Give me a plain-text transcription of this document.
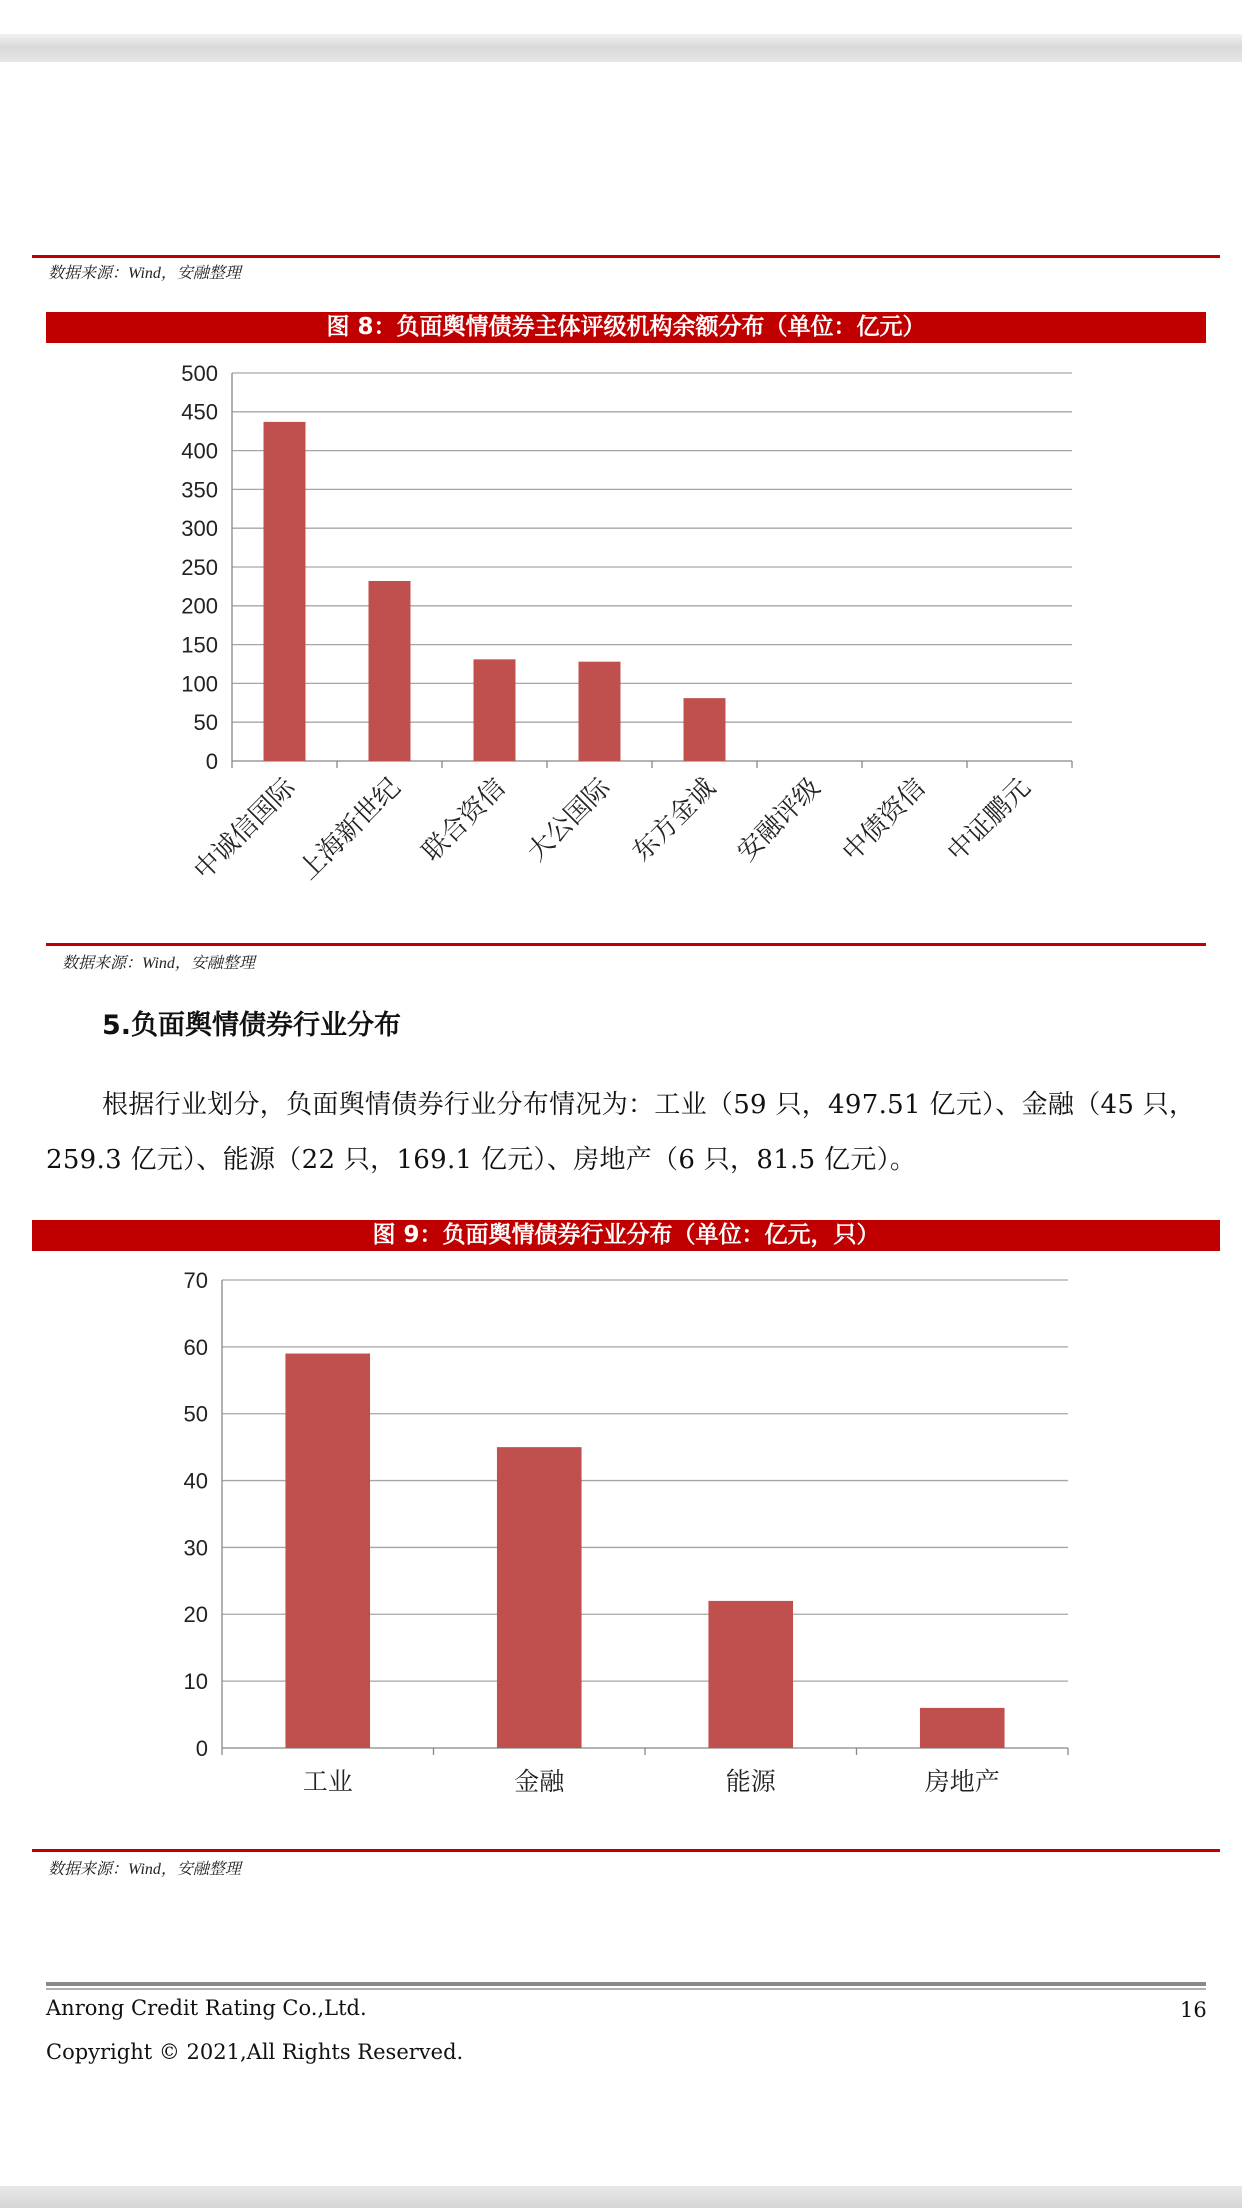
数据来源：Wind，安融整理
图 8：负面舆情债券主体评级机构余额分布（单位：亿元）
0
50
100
150
200
250
300
350
400
450
500
中诚信国际
上海新世纪 联合资信 大公国际 东方金诚 安融评级 中债资信 中证鹏元
0
10
20
30
40
50
60
70
工业	金融	能源	房地产
数据来源：Wind，安融整理
5.负面舆情债券行业分布
根据行业划分，负面舆情债券行业分布情况为：工业（59 只，497.51 亿元）、金融（45 只，259.3 亿元）、能源（22 只，169.1 亿元）、房地产（6 只，81.5 亿元）。
图 9：负面舆情债券行业分布（单位：亿元，只）
数据来源：Wind，安融整理
Anrong Credit Rating Co.,Ltd.	16
Copyright © 2021,All Rights Reserved.
